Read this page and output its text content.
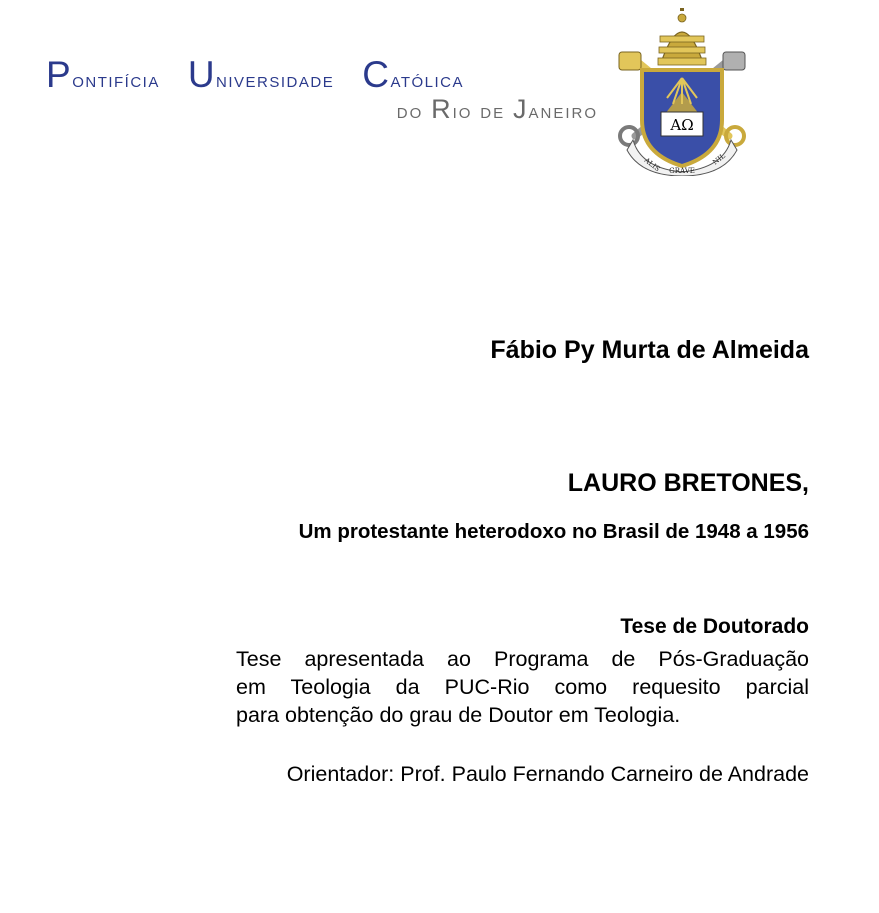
Pontifícia Universidade Católica
do Rio de Janeiro
AΩ
ALIS GRAVE
NIL
Fábio Py Murta de Almeida
LAURO BRETONES,
Um protestante heterodoxo no Brasil de 1948 a 1956
Tese de Doutorado
Tese apresentada ao Programa de Pós-Graduação
em Teologia da PUC-Rio como requesito parcial
para obtenção do grau de Doutor em Teologia.
Orientador: Prof. Paulo Fernando Carneiro de Andrade
